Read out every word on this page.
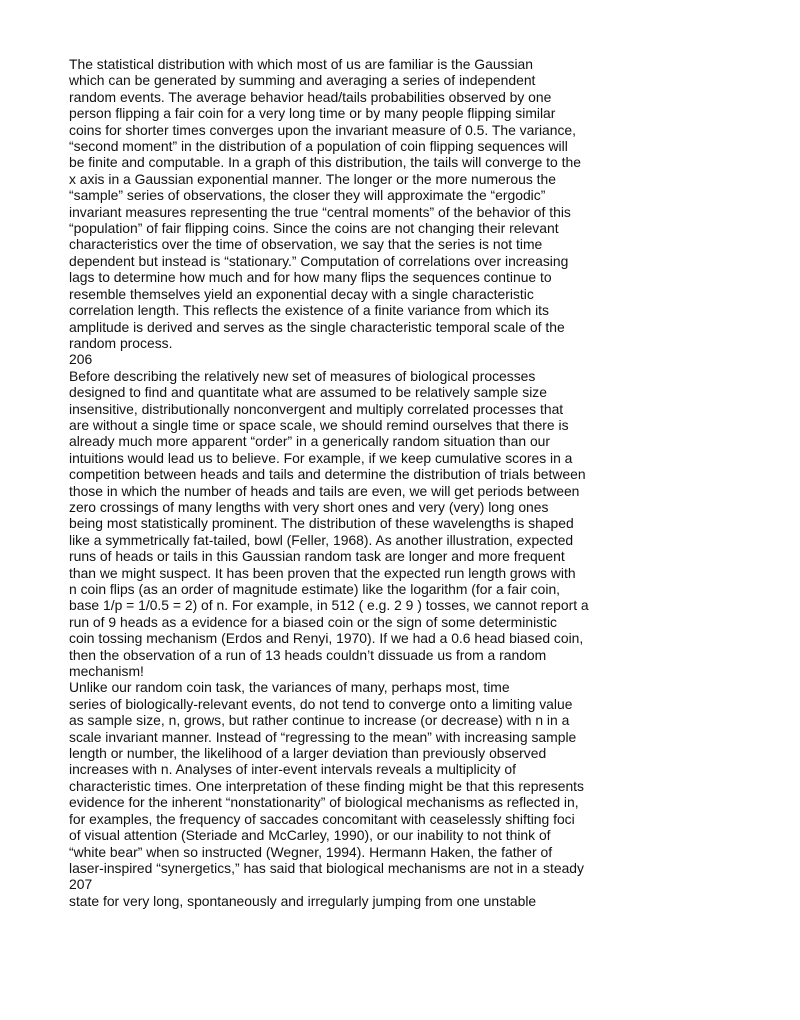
The statistical distribution with which most of us are familiar is the Gaussian
which can be generated by summing and averaging a series of independent
random events. The average behavior head/tails probabilities observed by one
person flipping a fair coin for a very long time or by many people flipping similar
coins for shorter times converges upon the invariant measure of 0.5. The variance,
“second moment” in the distribution of a population of coin flipping sequences will
be finite and computable. In a graph of this distribution, the tails will converge to the
x axis in a Gaussian exponential manner. The longer or the more numerous the
“sample” series of observations, the closer they will approximate the “ergodic”
invariant measures representing the true “central moments” of the behavior of this
“population” of fair flipping coins. Since the coins are not changing their relevant
characteristics over the time of observation, we say that the series is not time
dependent but instead is “stationary.” Computation of correlations over increasing
lags to determine how much and for how many flips the sequences continue to
resemble themselves yield an exponential decay with a single characteristic
correlation length. This reflects the existence of a finite variance from which its
amplitude is derived and serves as the single characteristic temporal scale of the
random process.
206
Before describing the relatively new set of measures of biological processes
designed to find and quantitate what are assumed to be relatively sample size
insensitive, distributionally nonconvergent and multiply correlated processes that
are without a single time or space scale, we should remind ourselves that there is
already much more apparent “order” in a generically random situation than our
intuitions would lead us to believe. For example, if we keep cumulative scores in a
competition between heads and tails and determine the distribution of trials between
those in which the number of heads and tails are even, we will get periods between
zero crossings of many lengths with very short ones and very (very) long ones
being most statistically prominent. The distribution of these wavelengths is shaped
like a symmetrically fat-tailed, bowl (Feller, 1968). As another illustration, expected
runs of heads or tails in this Gaussian random task are longer and more frequent
than we might suspect. It has been proven that the expected run length grows with
n coin flips (as an order of magnitude estimate) like the logarithm (for a fair coin,
base 1/p = 1/0.5 = 2) of n. For example, in 512 ( e.g. 2 9 ) tosses, we cannot report a
run of 9 heads as a evidence for a biased coin or the sign of some deterministic
coin tossing mechanism (Erdos and Renyi, 1970). If we had a 0.6 head biased coin,
then the observation of a run of 13 heads couldn’t dissuade us from a random
mechanism!
Unlike our random coin task, the variances of many, perhaps most, time
series of biologically-relevant events, do not tend to converge onto a limiting value
as sample size, n, grows, but rather continue to increase (or decrease) with n in a
scale invariant manner. Instead of “regressing to the mean” with increasing sample
length or number, the likelihood of a larger deviation than previously observed
increases with n. Analyses of inter-event intervals reveals a multiplicity of
characteristic times. One interpretation of these finding might be that this represents
evidence for the inherent “nonstationarity” of biological mechanisms as reflected in,
for examples, the frequency of saccades concomitant with ceaselessly shifting foci
of visual attention (Steriade and McCarley, 1990), or our inability to not think of
“white bear” when so instructed (Wegner, 1994). Hermann Haken, the father of
laser-inspired “synergetics,” has said that biological mechanisms are not in a steady
207
state for very long, spontaneously and irregularly jumping from one unstable
